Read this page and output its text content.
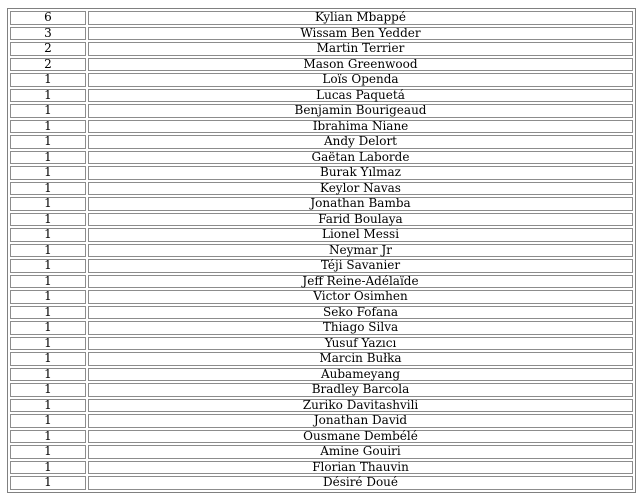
6	Kylian Mbappé
3	Wissam Ben Yedder
2	Martin Terrier
2	Mason Greenwood
1	Loïs Openda
1	Lucas Paquetá
1	Benjamin Bourigeaud
1	Ibrahima Niane
1	Andy Delort
1	Gaëtan Laborde
1	Burak Yılmaz
1	Keylor Navas
1	Jonathan Bamba
1	Farid Boulaya
1	Lionel Messi
1	Neymar Jr
1	Téji Savanier
1	Jeff Reine-Adélaïde
1	Victor Osimhen
1	Seko Fofana
1	Thiago Silva
1	Yusuf Yazıcı
1	Marcin Bułka
1	Aubameyang
1	Bradley Barcola
1	Zuriko Davitashvili
1	Jonathan David
1	Ousmane Dembélé
1	Amine Gouiri
1	Florian Thauvin
1	Désiré Doué
